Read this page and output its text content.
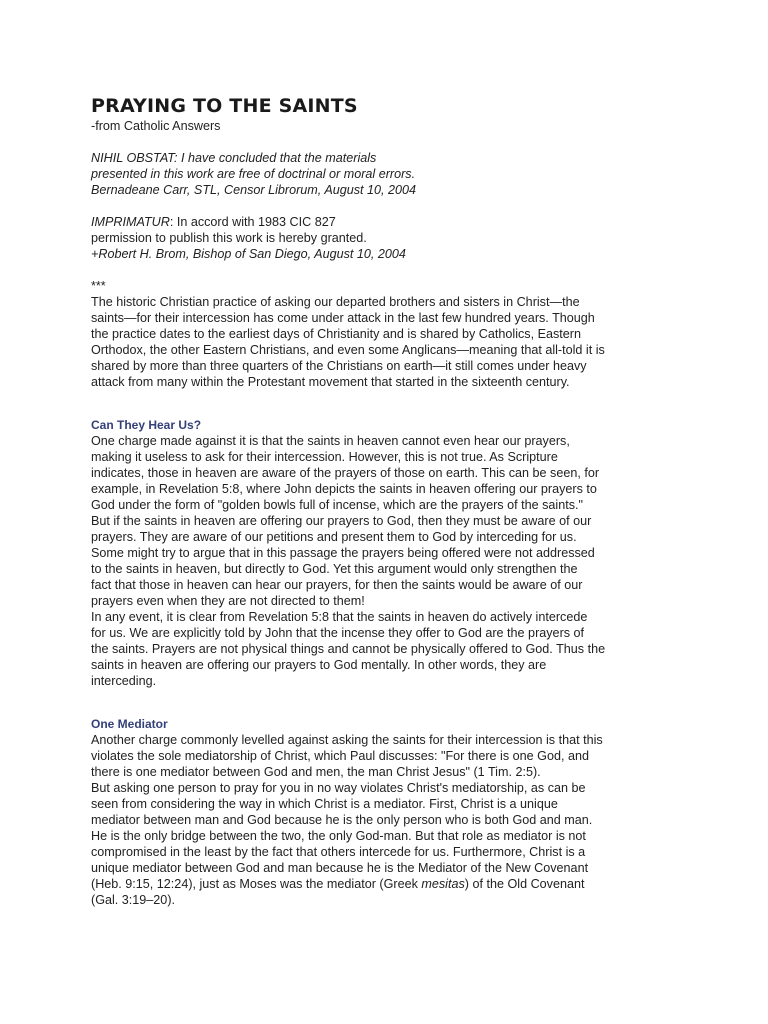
PRAYING TO THE SAINTS

-from Catholic Answers

NIHIL OBSTAT: I have concluded that the materials
presented in this work are free of doctrinal or moral errors.
Bernadeane Carr, STL, Censor Librorum, August 10, 2004
IMPRIMATUR: In accord with 1983 CIC 827
permission to publish this work is hereby granted.
+Robert H. Brom, Bishop of San Diego, August 10, 2004

***

The historic Christian practice of asking our departed brothers and sisters in Christ—the
saints—for their intercession has come under attack in the last few hundred years. Though
the practice dates to the earliest days of Christianity and is shared by Catholics, Eastern
Orthodox, the other Eastern Christians, and even some Anglicans—meaning that all-told it is
shared by more than three quarters of the Christians on earth—it still comes under heavy
attack from many within the Protestant movement that started in the sixteenth century.

Can They Hear Us?

One charge made against it is that the saints in heaven cannot even hear our prayers,
making it useless to ask for their intercession. However, this is not true. As Scripture
indicates, those in heaven are aware of the prayers of those on earth. This can be seen, for
example, in Revelation 5:8, where John depicts the saints in heaven offering our prayers to
God under the form of "golden bowls full of incense, which are the prayers of the saints."
But if the saints in heaven are offering our prayers to God, then they must be aware of our
prayers. They are aware of our petitions and present them to God by interceding for us.
Some might try to argue that in this passage the prayers being offered were not addressed
to the saints in heaven, but directly to God. Yet this argument would only strengthen the
fact that those in heaven can hear our prayers, for then the saints would be aware of our
prayers even when they are not directed to them!
In any event, it is clear from Revelation 5:8 that the saints in heaven do actively intercede
for us. We are explicitly told by John that the incense they offer to God are the prayers of
the saints. Prayers are not physical things and cannot be physically offered to God. Thus the
saints in heaven are offering our prayers to God mentally. In other words, they are
interceding.

One Mediator

Another charge commonly levelled against asking the saints for their intercession is that this
violates the sole mediatorship of Christ, which Paul discusses: "For there is one God, and
there is one mediator between God and men, the man Christ Jesus" (1 Tim. 2:5).
But asking one person to pray for you in no way violates Christ's mediatorship, as can be
seen from considering the way in which Christ is a mediator. First, Christ is a unique
mediator between man and God because he is the only person who is both God and man.
He is the only bridge between the two, the only God-man. But that role as mediator is not
compromised in the least by the fact that others intercede for us. Furthermore, Christ is a
unique mediator between God and man because he is the Mediator of the New Covenant
(Heb. 9:15, 12:24), just as Moses was the mediator (Greek mesitas) of the Old Covenant
(Gal. 3:19–20).
